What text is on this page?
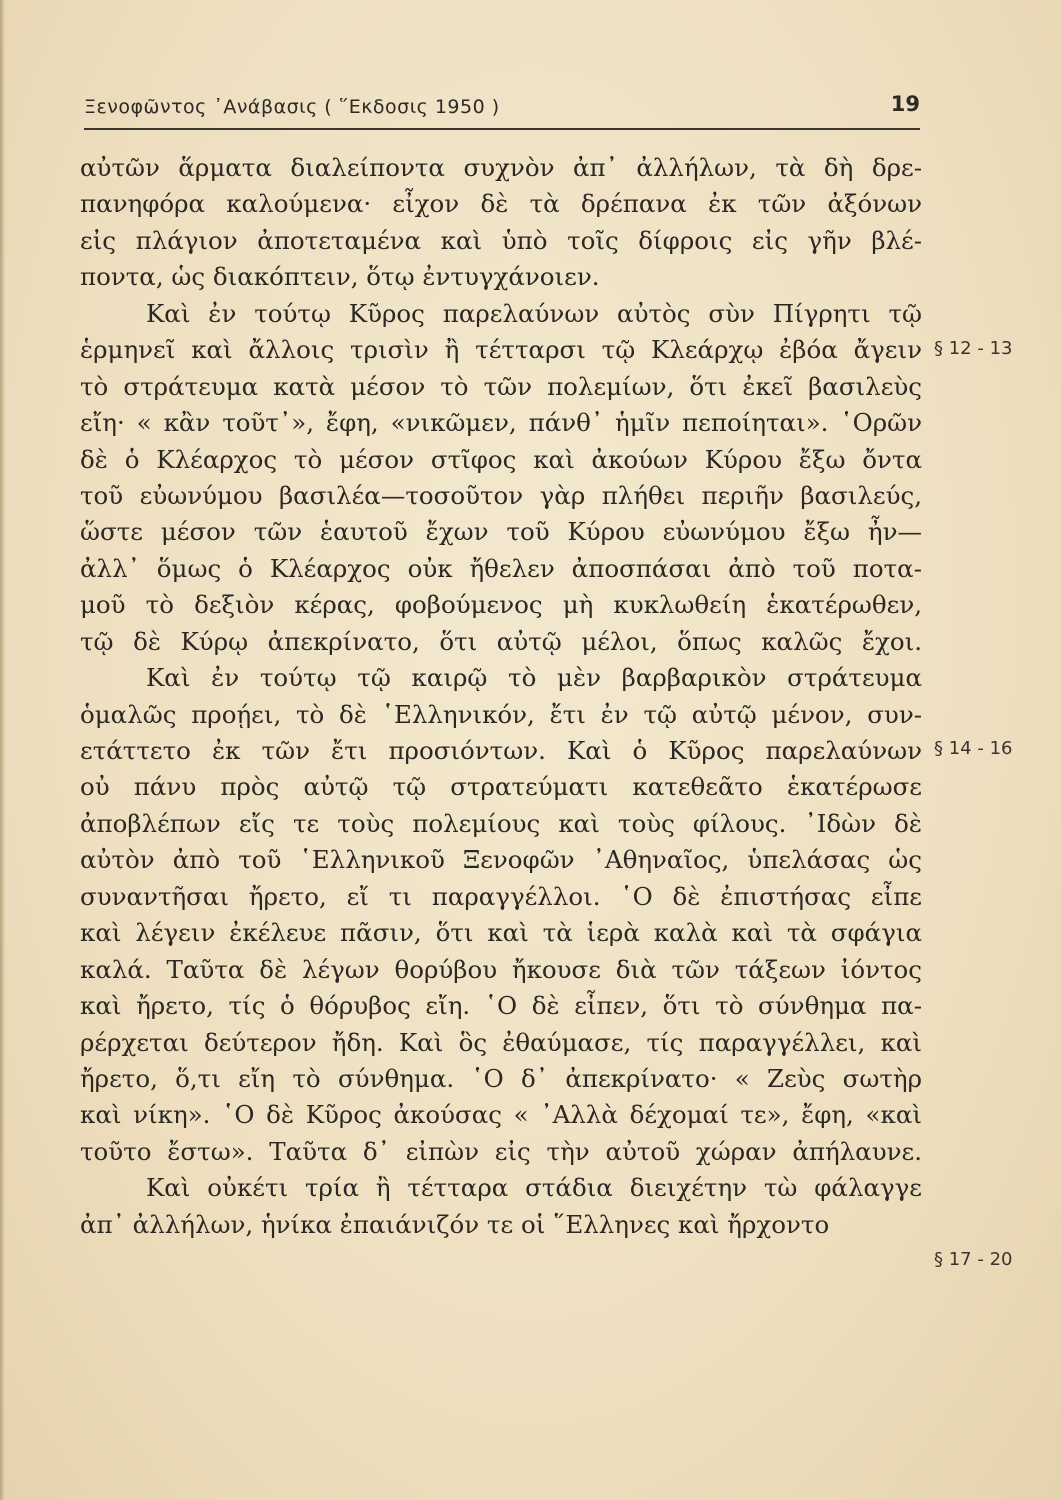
Ξενοφῶντος ᾿Ανάβασις ( ῞Εκδοσις 1950 )	19
αὐτῶν ἅρματα διαλείποντα συχνὸν ἀπ᾿ ἀλλήλων, τὰ δὴ δρε-
πανηφόρα καλούμενα· εἶχον δὲ τὰ δρέπανα ἐκ τῶν ἀξόνων
εἰς πλάγιον ἀποτεταμένα καὶ ὑπὸ τοῖς δίφροις εἰς γῆν βλέ-
ποντα, ὡς διακόπτειν, ὅτῳ ἐντυγχάνοιεν.
Καὶ ἐν τούτῳ Κῦρος παρελαύνων αὐτὸς σὺν Πίγρητι τῷ
ἑρμηνεῖ καὶ ἄλλοις τρισὶν ἢ τέτταρσι τῷ Κλεάρχῳ ἐβόα ἄγειν
τὸ στράτευμα κατὰ μέσον τὸ τῶν πολεμίων, ὅτι ἐκεῖ βασιλεὺς
εἴη· « κἂν τοῦτ᾿», ἔφη, «νικῶμεν, πάνθ᾿ ἡμῖν πεποίηται». ῾Ορῶν
δὲ ὁ Κλέαρχος τὸ μέσον στῖφος καὶ ἀκούων Κύρου ἔξω ὄντα
τοῦ εὐωνύμου βασιλέα—τοσοῦτον γὰρ πλήθει περιῆν βασιλεύς,
ὥστε μέσον τῶν ἑαυτοῦ ἔχων τοῦ Κύρου εὐωνύμου ἔξω ἦν—
ἀλλ᾿ ὅμως ὁ Κλέαρχος οὐκ ἤθελεν ἀποσπάσαι ἀπὸ τοῦ ποτα-
μοῦ τὸ δεξιὸν κέρας, φοβούμενος μὴ κυκλωθείη ἑκατέρωθεν,
τῷ δὲ Κύρῳ ἀπεκρίνατο, ὅτι αὐτῷ μέλοι, ὅπως καλῶς ἔχοι.
Καὶ ἐν τούτῳ τῷ καιρῷ τὸ μὲν βαρβαρικὸν στράτευμα
ὁμαλῶς προῄει, τὸ δὲ ῾Ελληνικόν, ἔτι ἐν τῷ αὐτῷ μένον, συν-
ετάττετο ἐκ τῶν ἔτι προσιόντων. Καὶ ὁ Κῦρος παρελαύνων
οὐ πάνυ πρὸς αὐτῷ τῷ στρατεύματι κατεθεᾶτο ἑκατέρωσε
ἀποβλέπων εἴς τε τοὺς πολεμίους καὶ τοὺς φίλους. ᾿Ιδὼν δὲ
αὐτὸν ἀπὸ τοῦ ῾Ελληνικοῦ Ξενοφῶν ᾿Αθηναῖος, ὑπελάσας ὡς
συναντῆσαι ἤρετο, εἴ τι παραγγέλλοι. ῾Ο δὲ ἐπιστήσας εἶπε
καὶ λέγειν ἐκέλευε πᾶσιν, ὅτι καὶ τὰ ἱερὰ καλὰ καὶ τὰ σφάγια
καλά. Ταῦτα δὲ λέγων θορύβου ἤκουσε διὰ τῶν τάξεων ἰόντος
καὶ ἤρετο, τίς ὁ θόρυβος εἴη. ῾Ο δὲ εἶπεν, ὅτι τὸ σύνθημα πα-
ρέρχεται δεύτερον ἤδη. Καὶ ὃς ἐθαύμασε, τίς παραγγέλλει, καὶ
ἤρετο, ὅ,τι εἴη τὸ σύνθημα. ῾Ο δ᾿ ἀπεκρίνατο· « Ζεὺς σωτὴρ
καὶ νίκη». ῾Ο δὲ Κῦρος ἀκούσας « ᾿Αλλὰ δέχομαί τε», ἔφη, «καὶ
τοῦτο ἔστω». Ταῦτα δ᾿ εἰπὼν εἰς τὴν αὐτοῦ χώραν ἀπήλαυνε.
Καὶ οὐκέτι τρία ἢ τέτταρα στάδια διειχέτην τὼ φάλαγγε
ἀπ᾿ ἀλλήλων, ἡνίκα ἐπαιάνιζόν τε οἱ ῞Ελληνες καὶ ἤρχοντο
§ 12 - 13
§ 14 - 16
§ 17 - 20
